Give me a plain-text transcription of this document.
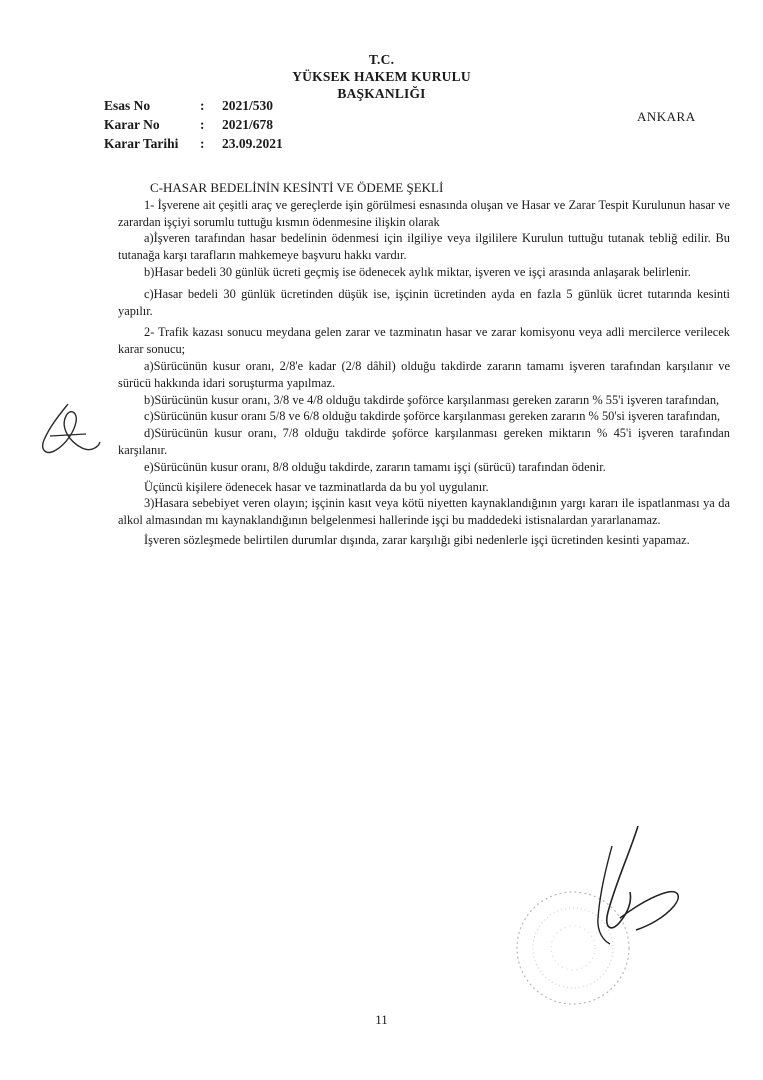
T.C.
YÜKSEK HAKEM KURULU
BAŞKANLIĞI
Esas No	:	2021/530
Karar No	:	2021/678
Karar Tarihi	:	23.09.2021
ANKARA

C-HASAR BEDELİNİN KESİNTİ VE ÖDEME ŞEKLİ

1- İşverene ait çeşitli araç ve gereçlerde işin görülmesi esnasında oluşan ve Hasar ve Zarar Tespit Kurulunun hasar ve zarardan işçiyi sorumlu tuttuğu kısmın ödenmesine ilişkin olarak

a)İşveren tarafından hasar bedelinin ödenmesi için ilgiliye veya ilgililere Kurulun tuttuğu tutanak tebliğ edilir. Bu tutanağa karşı tarafların mahkemeye başvuru hakkı vardır.

b)Hasar bedeli 30 günlük ücreti geçmiş ise ödenecek aylık miktar, işveren ve işçi arasında anlaşarak belirlenir.

c)Hasar bedeli 30 günlük ücretinden düşük ise, işçinin ücretinden ayda en fazla 5 günlük ücret tutarında kesinti yapılır.

2- Trafik kazası sonucu meydana gelen zarar ve tazminatın hasar ve zarar komisyonu veya adli mercilerce verilecek karar sonucu;

a)Sürücünün kusur oranı, 2/8'e kadar (2/8 dâhil) olduğu takdirde zararın tamamı işveren tarafından karşılanır ve sürücü hakkında idari soruşturma yapılmaz.

b)Sürücünün kusur oranı, 3/8 ve 4/8 olduğu takdirde şoförce karşılanması gereken zararın % 55'i işveren tarafından,

c)Sürücünün kusur oranı 5/8 ve 6/8 olduğu takdirde şoförce karşılanması gereken zararın % 50'si işveren tarafından,

d)Sürücünün kusur oranı, 7/8 olduğu takdirde şoförce karşılanması gereken miktarın % 45'i işveren tarafından karşılanır.

e)Sürücünün kusur oranı, 8/8 olduğu takdirde, zararın tamamı işçi (sürücü) tarafından ödenir.

Üçüncü kişilere ödenecek hasar ve tazminatlarda da bu yol uygulanır.

3)Hasara sebebiyet veren olayın; işçinin kasıt veya kötü niyetten kaynaklandığının yargı kararı ile ispatlanması ya da alkol almasından mı kaynaklandığının belgelenmesi hallerinde işçi bu maddedeki istisnalardan yararlanamaz.

İşveren sözleşmede belirtilen durumlar dışında, zarar karşılığı gibi nedenlerle işçi ücretinden kesinti yapamaz.

11
